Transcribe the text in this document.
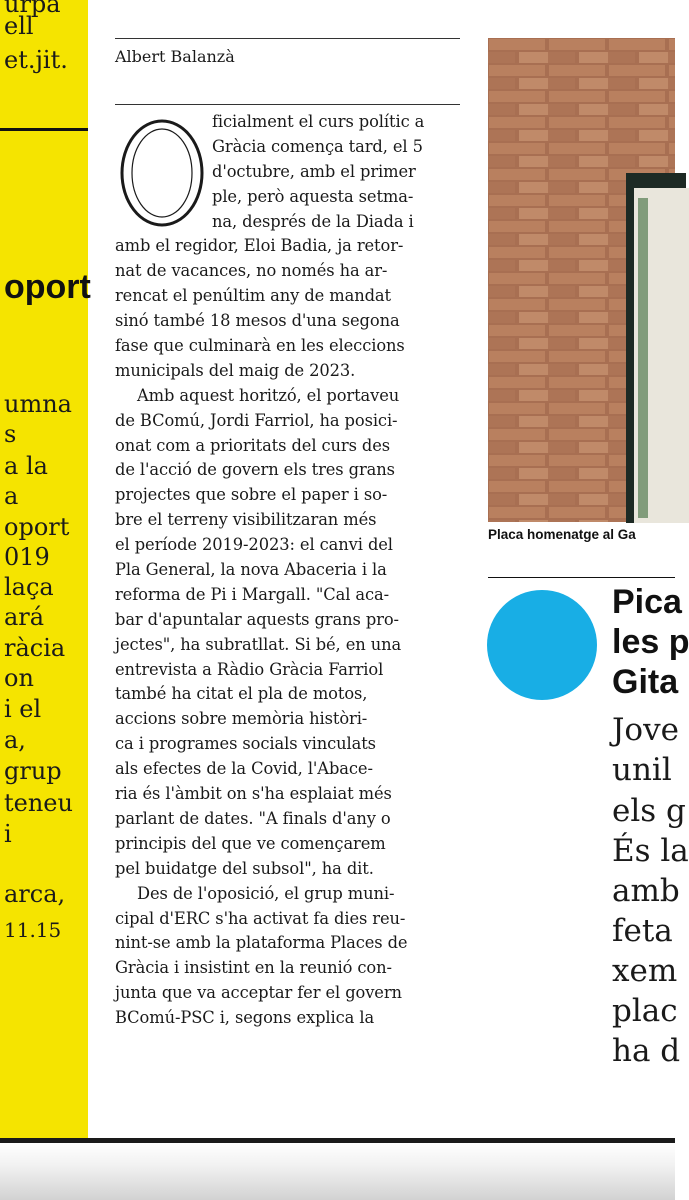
urpa
ell
et.jit.
oport
umna
s
a la
a
oport
019
laça
ará
ràcia
on
i el
a,
grup
teneu
i
arca,
11.15
Albert Balanzà
ficialment el curs polític a
Gràcia comença tard, el 5
d'octubre, amb el primer
ple, però aquesta setma-
na, després de la Diada i
amb el regidor, Eloi Badia, ja retor-
nat de vacances, no només ha ar-
rencat el penúltim any de mandat
sinó també 18 mesos d'una segona
fase que culminarà en les eleccions
municipals del maig de 2023.
Amb aquest horitzó, el portaveu
de BComú, Jordi Farriol, ha posici-
onat com a prioritats del curs des
de l'acció de govern els tres grans
projectes que sobre el paper i so-
bre el terreny visibilitzaran més
el període 2019-2023: el canvi del
Pla General, la nova Abaceria i la
reforma de Pi i Margall. "Cal aca-
bar d'apuntalar aquests grans pro-
jectes", ha subratllat. Si bé, en una
entrevista a Ràdio Gràcia Farriol
també ha citat el pla de motos,
accions sobre memòria històri-
ca i programes socials vinculats
als efectes de la Covid, l'Abace-
ria és l'àmbit on s'ha esplaiat més
parlant de dates. "A finals d'any o
principis del que ve començarem
pel buidatge del subsol", ha dit.
Des de l'oposició, el grup muni-
cipal d'ERC s'ha activat fa dies reu-
nint-se amb la plataforma Places de
Gràcia i insistint en la reunió con-
junta que va acceptar fer el govern
BComú-PSC i, segons explica la
Placa homenatge al Ga
Pica
les p
Gita
Jove
unil
els g
És la
amb
feta
xem
plac
ha d
